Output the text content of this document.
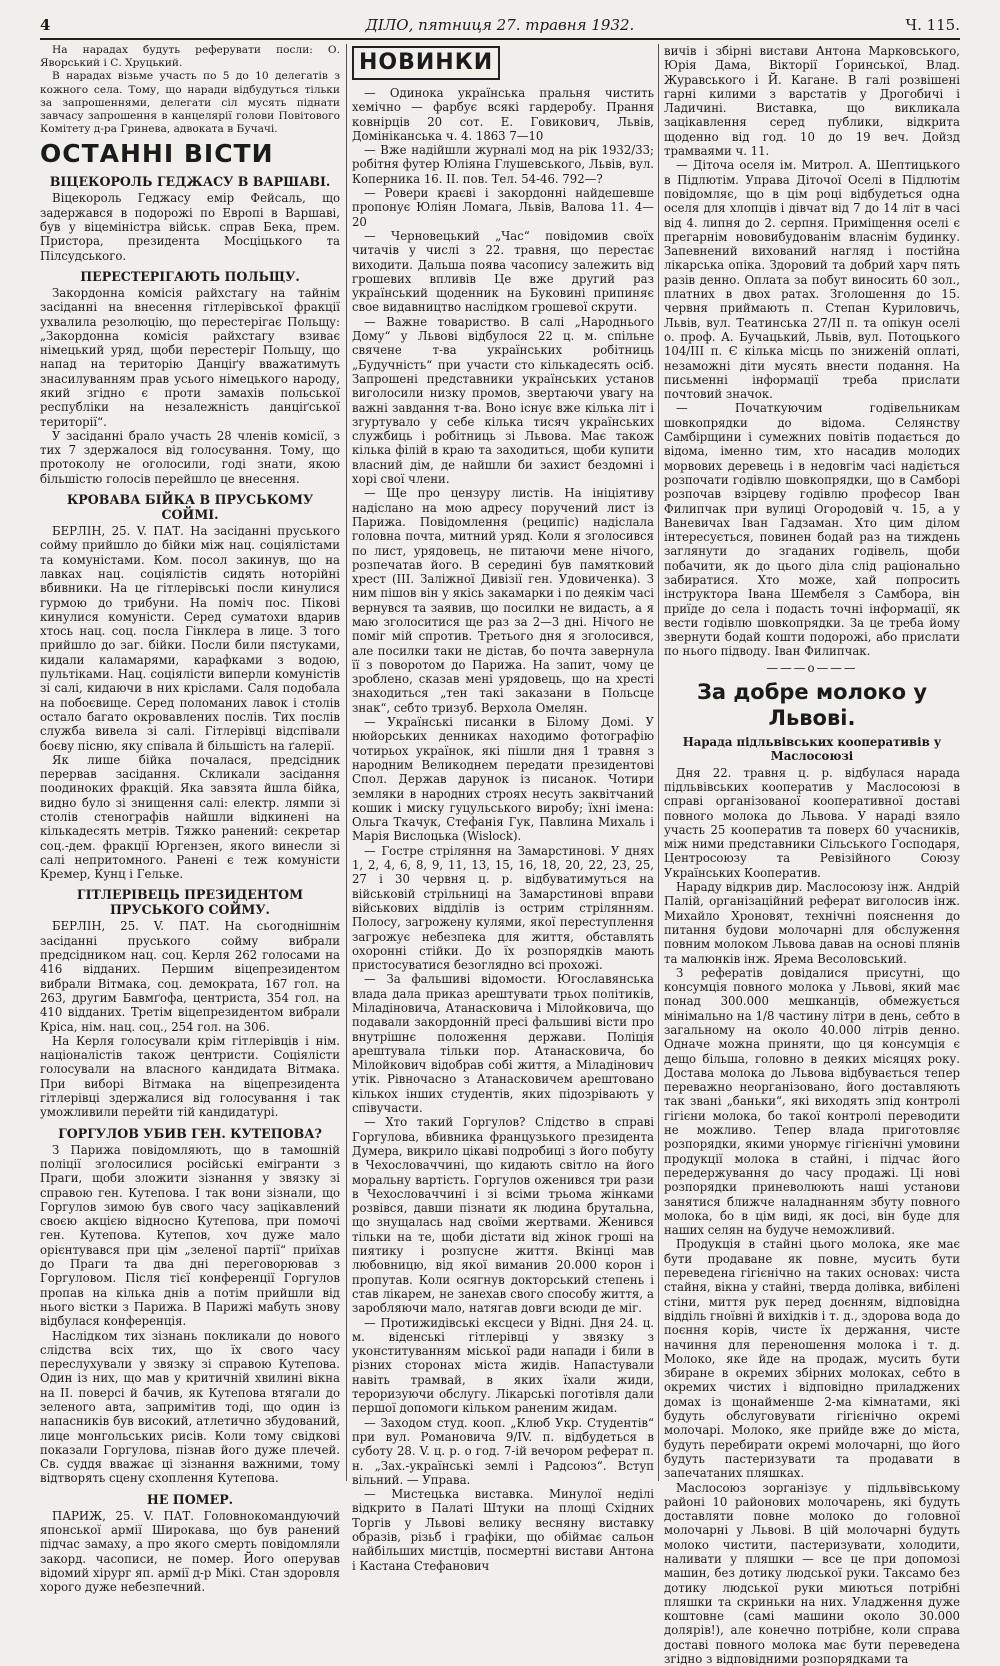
4	ДІЛО, пятниця 27. травня 1932.	Ч. 115.

На нарадах будуть реферувати посли: О. Яворський і С. Хруцький.

В нарадах візьме участь по 5 до 10 делегатів з кожного села. Тому, що наради відбудуться тільки за запрошеннями, делегати сіл мусять піднати завчасу запрошення в канцелярії голови Повітового Комітету д-ра Гринева, адвоката в Бучачі.

ОСТАННІ ВІСТИ
ВІЦЕКОРОЛЬ ГЕДЖАСУ В ВАРШАВІ.

Віцекороль Геджасу емір Фейсаль, що задержався в подорожі по Европі в Варшаві, був у віцеміністра військ. справ Бека, прем. Пристора, президента Мосціцького та Пілсудського.

ПЕРЕСТЕРІГАЮТЬ ПОЛЬЩУ.

Закордонна комісія райхстагу на тайнім засіданні на внесення гітлерівської фракції ухвалила резолюцію, що перестерігає Польщу: „Закордонна комісія райхстагу взиває німецький уряд, щоби перестеріг Польщу, що напад на територію Данціґу вважатимуть знасилуванням прав усього німецького народу, який згідно є проти замахів польської республіки на незалежність данціґської території“.

У засіданні брало участь 28 членів комісії, з тих 7 здержалося від голосування. Тому, що протоколу не оголосили, годі знати, якою більшістю голосів перейшло це внесення.

КРОВАВА БІЙКА В ПРУСЬКОМУ СОЙМІ.

БЕРЛІН, 25. V. ПАТ. На засіданні пруського сойму прийшло до бійки між нац. соціялістами та комуністами. Ком. посол закинув, що на лавках нац. соціялістів сидять нотoрійні вбивники. На це гітлерівські посли кинулися гурмою до трибуни. На поміч пос. Піковi кинулися комуністи. Серед суматохи вдарив хтось нац. соц. посла Гінклера в лице. З того прийшло до заг. бійки. Посли били пястуками, кидали каламарями, карафками з водою, пультiками. Нац. соціялісти виперли комуністів зі салі, кидаючи в них кріслами. Саля подобала на побоєвище. Серед поломаних лавок і столів остало багато окровавлених послів. Тих послів служба вивела зі салі. Гітлерівці відспівали боєву пісню, яку співала й більшість на ґалерії.

Як лише бійка почалася, предсідник перервав засідання. Скликали засідання поодиноких фракцій. Яка завзята йшла бійка, видно було зі знищення салі: електр. лямпи зі столів стенографів найшли відкинені на кількадесять метрів. Тяжко ранений: секретар соц.-дем. фракції Юргензен, якого винесли зі салі непритомного. Ранені є теж комуністи Кремер, Кунц і Гельке.

ГІТЛЕРІВЕЦЬ ПРЕЗИДЕНТОМ ПРУСЬКОГО СОЙМУ.

БЕРЛІН, 25. V. ПАТ. На сьогоднішнім засіданні пруського сойму вибрали предсідником нац. соц. Керля 262 голосами на 416 відданих. Першим віцепрезидентом вибрали Вітмака, соц. демократа, 167 гол. на 263, другим Бавмґофа, центриста, 354 гол. на 410 відданих. Третім віцепрезидентом вибрали Кріса, нім. нац. соц., 254 гол. на 306.

На Керля голосували крім гітлерівців і нім. націоналістів також центристи. Соціялісти голосували на власного кандидата Вітмака. При виборі Вітмака на віцепрезидента гітлерівці здержалися від голосування і так уможливили перейти тій кандидатурі.

ГОРГУЛОВ УБИВ ГЕН. КУТЕПОВА?

З Парижа повідомляють, що в тамошній поліції зголосилися російські емігранти з Праги, щоби зложити зізнання у звязку зі справою ген. Кутепова. І так вони зізнали, що Горгулов зимою був свого часу зацікавлений своєю акцією відносно Кутепова, при помочі ген. Кутепова. Кутепов, хоч дуже мало орієнтувався при цім „зеленої партії“ приїхав до Праги та два дні переговорював з Горгуловом. Після тієї конференції Горгулов пропав на кілька днів а потім прийшли від нього вістки з Парижа. В Парижі мабуть знову відбулася конференція.

Наслідком тих зізнань покликали до нового слідства всіх тих, що їх свого часу переслухували у звязку зі справою Кутепова. Один із них, що мав у критичній хвилині вікна на II. поверсі й бачив, як Кутепова втягали до зеленого авта, запримітив тоді, що один із напасників був високий, атлетично збудований, лице монгольських рисів. Коли тому свідкові показали Горгулова, пізнав його дуже плечей. Св. суддя вважає ці зізнання важними, тому відтворять сцену схоплення Кутепова.

НЕ ПОМЕР.

ПАРИЖ, 25. V. ПАТ. Головнокомандуючий японської армії Широкава, що був ранений підчас замаху, а про якого смерть повідомляли закорд. часописи, не помер. Його оперував відомий хірург яп. армії д-р Мікі. Стан здоровля хорого дуже небезпечний.

НОВИНКИ

— Одинока українська пральня чистить хемічно — фарбує всякі гардеробу. Прання ковнірців 20 сот. Е. Говикович, Львів, Домініканська ч. 4. 1863 7—10

— Вже надійшли журналі мод на рік 1932/33; робітня футер Юліяна Глушевського, Львів, вул. Коперника 16. II. пов. Тел. 54-46. 792—?

— Ровери краєві і закордонні найдешевше пропонує Юліян Ломага, Львів, Валова 11. 4—20

— Черновецький „Час“ повідомив своїх читачів у числі з 22. травня, що перестає виходити. Дальша поява часопису залежить від грошевих впливів Це вже другий раз український щоденник на Буковині припиняє свое видавництво наслідком грошевої скрути.

— Важне товариство. В салі „Народнього Дому“ у Львові відбулося 22 ц. м. спільне свячене т-ва українських робітниць „Будучність“ при участи сто кількадесять осіб. Запрошені представники українських установ виголосили низку промов, звертаючи увагу на важні завдання т-ва. Воно існує вже кілька літ і згуртувало у себе кілька тисяч українських службиць і робітниць зі Львова. Має також кілька філій в краю та заходиться, щоби купити власний дім, де найшли би захист бездомні і хорі свої члени.

— Ще про цензуру листів. На ініціятиву надіслано на мою адресу поручений лист із Парижа. Повідомлення (реципіс) надіслала головна почта, митний уряд. Коли я зголосився по лист, урядовець, не питаючи мене нічого, розпечатав його. В середині був памятковий хрест (III. Заліжної Дивізії ген. Удовиченка). З ним пішов він у якісь закамарки і по деякім часі вернувся та заявив, що посилки не видасть, а я маю зголоситися ще раз за 2—3 дні. Нічого не поміг мій спротив. Третього дня я зголосився, але посилки таки не дістав, бо почта завернула її з поворотом до Парижа. На запит, чому це зроблено, сказав мені урядовець, що на хресті знаходиться „тен такі заказани в Польсце знак“, себто тризуб. Верхола Омелян.

— Українські писанки в Білому Домі. У нюйорських денниках находимо фотографію чотирьох українок, які пішли дня 1 травня з народним Великоднем передати президентові Спол. Держав дарунок із писанок. Чотири земляки в народних строях несуть заквітчаний кошик і миску гуцульського виробу; їхні імена: Ольга Ткачук, Стефанія Гук, Павлина Михаль і Марія Вислоцька (Wislock).

— Гостре стріляння на Замарстинові. У днях 1, 2, 4, 6, 8, 9, 11, 13, 15, 16, 18, 20, 22, 23, 25, 27 і 30 червня ц. р. відбуватимуться на військовій стрільниці на Замарстинові вправи військових відділів із острим стрілянням. Полосу, загрожену кулями, якої переступлення загрожує небезпека для життя, обставлять охоронні стійки. До їх розпорядків мають пристосуватися безоглядно всі прохожі.

— За фальшиві відомости. Югославянська влада дала приказ арештувати трьох політиків, Міладіновича, Атанасковича і Мілойковича, що подавали закордонній пресі фальшиві вісти про внутрішнє положення держави. Поліція арештувала тільки пор. Атанасковича, бо Мілойкович відобрав собі життя, а Міладінович утік. Рівночасно з Атанасковичем арештовано кількох інших студентів, яких підозрівають у співучасти.

— Хто такий Горгулов? Слідство в справі Горгулова, вбивника французького президента Думера, викрило цікаві подробиці з його побуту в Чехословаччині, що кидають світло на його моральну вартість. Горгулов оженився три рази в Чехословаччині і зі всіми трьома жінками розвівся, давши пізнати як людина брутальна, що знущалась над своїми жертвами. Женився тільки на те, щоби дістати від жінок гроші на пиятику і розпусне життя. Вкінці мав любовницю, від якої виманив 20.000 корон і пропутав. Коли осягнув докторський степень і став лікарем, не занехав свого способу життя, а заробляючи мало, натягав довги всюди де міг.

— Протижидівські ексцеси у Відні. Дня 24. ц. м. віденські гітлерівці у звязку з уконституванням міської ради напади і били в різних сторонах міста жидів. Напастували навіть трамвай, в яких їхали жиди, тероризуючи обслугу. Лікарські поготівля дали першої допомоги кільком раненим жидам.

— Заходом студ. кооп. „Клюб Укр. Студентів“ при вул. Романовича 9/IV. п. відбудеться в суботу 28. V. ц. р. о год. 7-ій вечором реферат п. н. „Зах.-українські землі і Радсоюз“. Вступ вільний. — Управа.

— Мистецька виставка. Минулої неділі відкрито в Палаті Штуки на площі Східних Торгів у Львові велику весняну виставку образів, різьб і графіки, що обіймає сальон найбільших мистців, посмертні вистави Антона і Кастана Стефанович

вичів і збірні вистави Антона Марковського, Юрія Дама, Вікторії Ґоринської, Влад. Журавського і Й. Кагане. В галі розвішені гарні килими з варстатів у Дрогобичі і Ладичині. Виставка, що викликала зацікавлення серед публики, відкрита щоденно від год. 10 до 19 веч. Дойзд трамваями ч. 11.

— Діточа оселя ім. Митрол. А. Шептицького в Підлютім. Управа Діточої Оселі в Підлютім повідомляє, що в цім році відбудеться одна оселя для хлопців і дівчат від 7 до 14 літ в часі від 4. липня до 2. серпня. Приміщення оселі є прегарнім нововибудованім власнім будинку. Запевнений вихований нагляд і постійна лікарська опіка. Здоровий та добрий харч пять разів денно. Оплата за побут виносить 60 зол., платних в двох ратах. Зголошення до 15. червня приймають п. Степан Куриловичь, Львів, вул. Театинська 27/II п. та опікун оселі о. проф. А. Бучацький, Львів, вул. Потоцького 104/III п. Є кілька місць по зниженій оплаті, незаможні діти мусять внести подання. На письменні інформації треба прислати почтовий значок.

— Початкуючим годівельникам шовкопрядки до відома. Селянству Самбірщини і сумежних повітів подається до відома, іменно тим, хто насадив молодих морвових деревець і в недовгім часі надіється розпочати годівлю шовкопрядки, що в Самборі розпочав взірцеву годівлю професор Іван Филипчак при вулиці Огородовій ч. 15, а у Ваневичах Іван Гадзаман. Хто цим ділом інтересується, повинен бодай раз на тиждень заглянути до згаданих годівель, щоби побачити, як до цього діла слід раціонально забиратися. Хто може, хай попросить інструктора Івана Шембеля з Самбора, він приїде до села і подасть точні інформації, як вести годівлю шовкопрядки. За це треба йому звернути бодай кошти подорожі, або прислати по нього підводу. Іван Филипчак.

———o———
За добре молоко у Львові.
Нарада підльвівських кооперативів у Маслосоюзі

Дня 22. травня ц. р. відбулася нарада підльвівських кооператив у Маслосоюзі в справі організованої кооперативної доставі повного молока до Львова. У нараді взяло участь 25 кооператив та поверх 60 учасників, між ними представники Сільського Господаря, Центросоюзу та Ревізійного Союзу Українських Кооператив.

Нараду відкрив дир. Маслосоюзу інж. Андрій Палій, організаційний реферат виголосив інж. Михайло Хроновят, технічні пояснення до питання будови молочарні для обслуження повним молоком Львова давав на основі плянів та малюнків інж. Ярема Весоловський.

З рефератів довідалися присутні, що консумція повного молока у Львові, який має понад 300.000 мешканців, обмежується мінімально на 1/8 частину літри в день, себто в загальному на около 40.000 літрів денно. Одначе можна приняти, що ця консумція є дещо більша, головно в деяких місяцях року. Достава молока до Львова відбувається тепер переважно неорганізовано, його доставляють так звані „баньки“, які виходять зпід контролі гігієни молока, бо такої контролі переводити не можливо. Тепер влада приготовляє розпорядки, якими унормує гігієнічні умовини продукції молока в стайні, і підчас його передержування до часу продажі. Ці нові розпорядки приневолюють наші установи занятися ближче наладнанням збуту повного молока, бо в цім виді, як досі, він буде для наших селян на будуче неможливий.

Продукція в стайні цього молока, яке має бути продаване як повне, мусить бути переведена гігієнічно на таких основах: чиста стайня, вікна у стайні, тверда долівка, вибілені стіни, миття рук перед доєнням, відповідна відділь гноївні й вихідків і т. д., здорова вода до поєння корів, чисте їх держання, чисте начиння для переношення молока і т. д. Молоко, яке йде на продаж, мусить бути збиране в окремих збірних молоках, себто в окремих чистих і відповідно приладжених домах із щонайменше 2-ма кімнатами, які будуть обслуговувати гігієнічно окремі молочарі. Молоко, яке прийде вже до міста, будуть перебирати окремі молочарні, що його будуть пастеризувати та продавати в запечатаних пляшках.

Маслосоюз зорганізує у підльвівському районі 10 районових молочарень, які будуть доставляти повне молоко до головної молочарні у Львові. В цій молочарні будуть молоко чистити, пастеризувати, холодити, наливати у пляшки — все це при допомозі машин, без дотику людської руки. Таксамо без дотику людської руки миються потрібні пляшки та скриньки на них. Уладження дуже коштовне (самі машини около 30.000 долярів!), але конечно потрібне, коли справа доставі повного молока має бути переведена згідно з відповідними розпорядками та
